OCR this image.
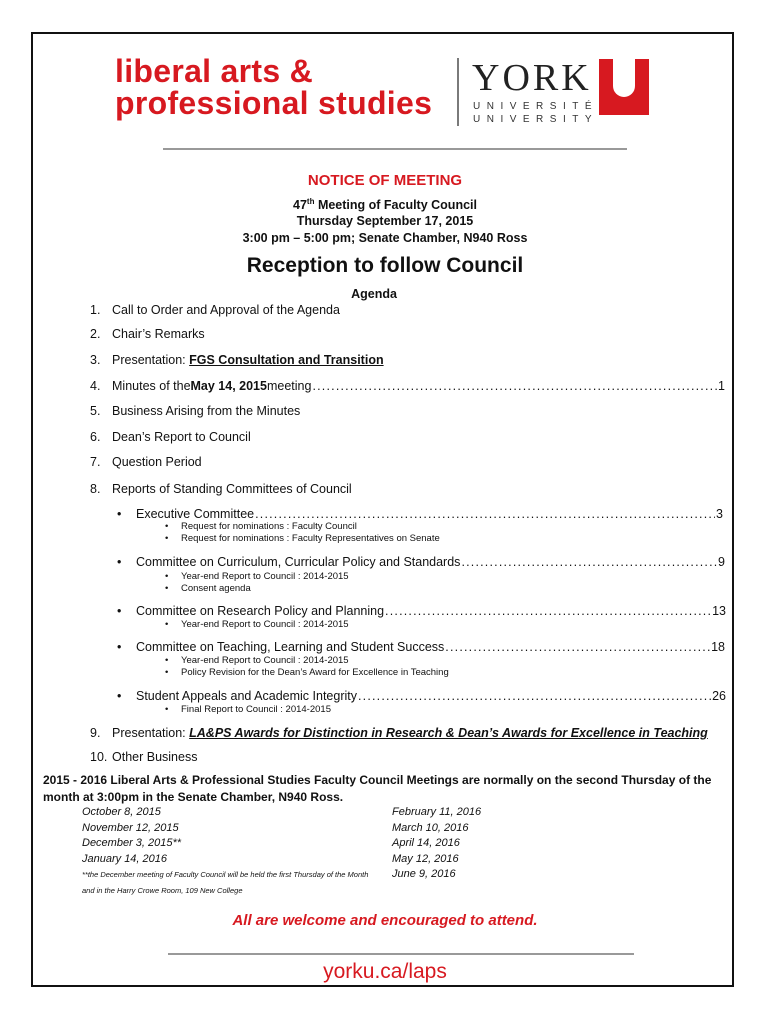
liberal arts &
professional studies
YORK
UNIVERSITÉ
UNIVERSITY
NOTICE OF MEETING
47th Meeting of Faculty Council
Thursday September 17, 2015
3:00 pm – 5:00 pm; Senate Chamber, N940 Ross
Reception to follow Council
Agenda
1. Call to Order and Approval of the Agenda
2. Chair’s Remarks
3. Presentation: FGS Consultation and Transition
4. Minutes of the May 14, 2015 meeting .....	1
5. Business Arising from the Minutes
6. Dean’s Report to Council
7. Question Period
8. Reports of Standing Committees of Council
• Executive Committee .....	3
• Request for nominations : Faculty Council
• Request for nominations : Faculty Representatives on Senate
• Committee on Curriculum, Curricular Policy and Standards .....	9
• Year-end Report to Council : 2014-2015
• Consent agenda
• Committee on Research Policy and Planning .....	13
• Year-end Report to Council : 2014-2015
• Committee on Teaching, Learning and Student Success .....	18
• Year-end Report to Council : 2014-2015
• Policy Revision for the Dean’s Award for Excellence in Teaching
• Student Appeals and Academic Integrity .....	26
• Final Report to Council : 2014-2015
9. Presentation: LA&PS Awards for Distinction in Research & Dean’s Awards for Excellence in Teaching
10. Other Business
2015 - 2016 Liberal Arts & Professional Studies Faculty Council Meetings are normally on the second Thursday of the month at 3:00pm in the Senate Chamber, N940 Ross.
October 8, 2015
November 12, 2015
December 3, 2015**
January 14, 2016
**the December meeting of Faculty Council will be held the first Thursday of the Month
and in the Harry Crowe Room, 109 New College
February 11, 2016
March 10, 2016
April 14, 2016
May 12, 2016
June 9, 2016
All are welcome and encouraged to attend.
yorku.ca/laps
